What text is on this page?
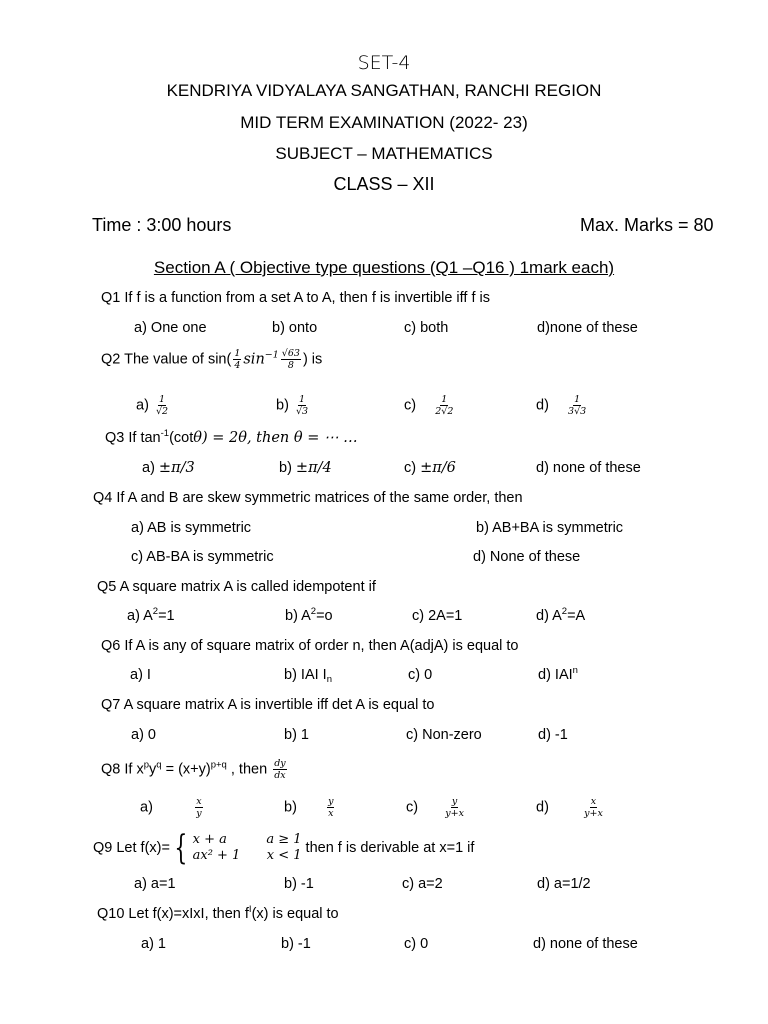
SET-4
KENDRIYA VIDYALAYA SANGATHAN, RANCHI REGION
MID TERM EXAMINATION (2022- 23)
SUBJECT – MATHEMATICS
CLASS – XII
Time : 3:00 hours	Max. Marks = 80
Section A ( Objective type questions (Q1 –Q16 ) 1mark each)
Q1 If f is a function from a set A to A, then f is invertible iff f is
a) One one	b) onto	c) both	d)none of these
Q2 The value of $\sin( \frac{1}{4} \sin^{-1} \frac{√63}{8}$ ) is
$a) \frac{1}{√2}$	$b) \frac{1}{√3}$	$c) \frac{1}{2√2}$	$d) \frac{1}{3√3}$
Q3 If $\tan^{-1}(\cot\theta) = 2\theta$, then θ = ⋯ …
a) ±π/3	b) ±π/4	c) ±π/6	d) none of these
Q4 If A and B are skew symmetric matrices of the same order, then
a) AB is symmetric	b) AB+BA is symmetric
c) AB-BA is symmetric	d) None of these
Q5 A square matrix A is called idempotent if
a) $A^2=1$	b) $A^2=o$	c) 2A=1	d) $A^2=A$
Q6 If A is any of square matrix of order n, then A(adjA) is equal to
a) I	b) IAI $I_n$	c) 0	d) IAI$^n$
Q7 A square matrix A is invertible iff det A is equal to
a) 0	b) 1	c) Non-zero	d) -1
Q8 If $x^py^q = (x+y)^{p+q}$ , then $\frac{dy}{dx}$
a)	$\frac{x}{y}$	b)	$\frac{y}{x}$	c)	$\frac{y}{y+x}$	d)	$\frac{x}{y+x}$
Q9 Let f(x)= { x + a	a ≥ 1
ax² + 1 x < 1 then f is derivable at x=1 if
a) a=1	b) -1	c) a=2	d) a=1/2
Q10 Let f(x)=xIxI, then $f^I(x)$ is equal to
a) 1	b) -1	c) 0	d) none of these
